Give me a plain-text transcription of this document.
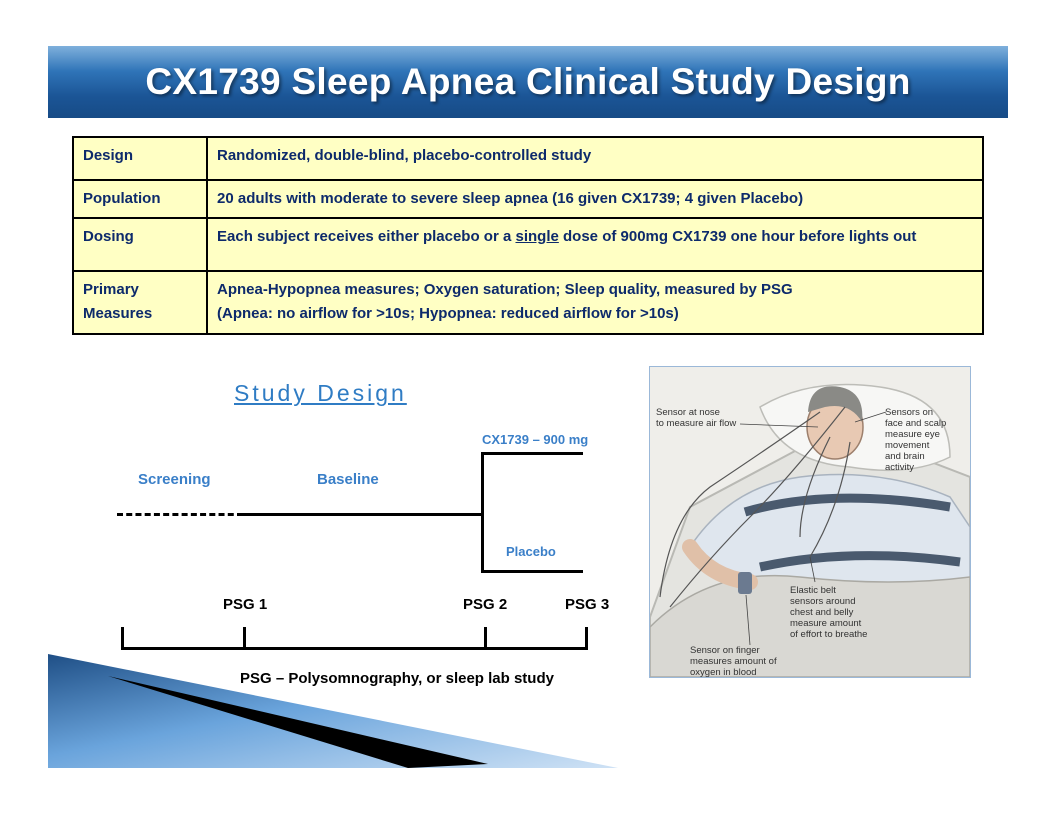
CX1739 Sleep Apnea Clinical Study Design
Design	Randomized, double-blind, placebo-controlled study
Population	20 adults with moderate to severe sleep apnea (16 given CX1739; 4 given Placebo)
Dosing	Each subject receives either placebo or a single dose of 900mg CX1739 one hour before lights out
Primary Measures	Apnea-Hypopnea measures; Oxygen saturation; Sleep quality, measured by PSG
(Apnea: no airflow for >10s; Hypopnea: reduced airflow for >10s)
Study Design
Screening	Baseline
CX1739 – 900 mg
Placebo
PSG 1	PSG 2	PSG 3
PSG – Polysomnography, or sleep lab study
Sensor at nose
to measure air flow
Sensors on
face and scalp
measure eye
movement
and brain
activity
Elastic belt
sensors around
chest and belly
measure amount
of effort to breathe
Sensor on finger
measures amount of
oxygen in blood
